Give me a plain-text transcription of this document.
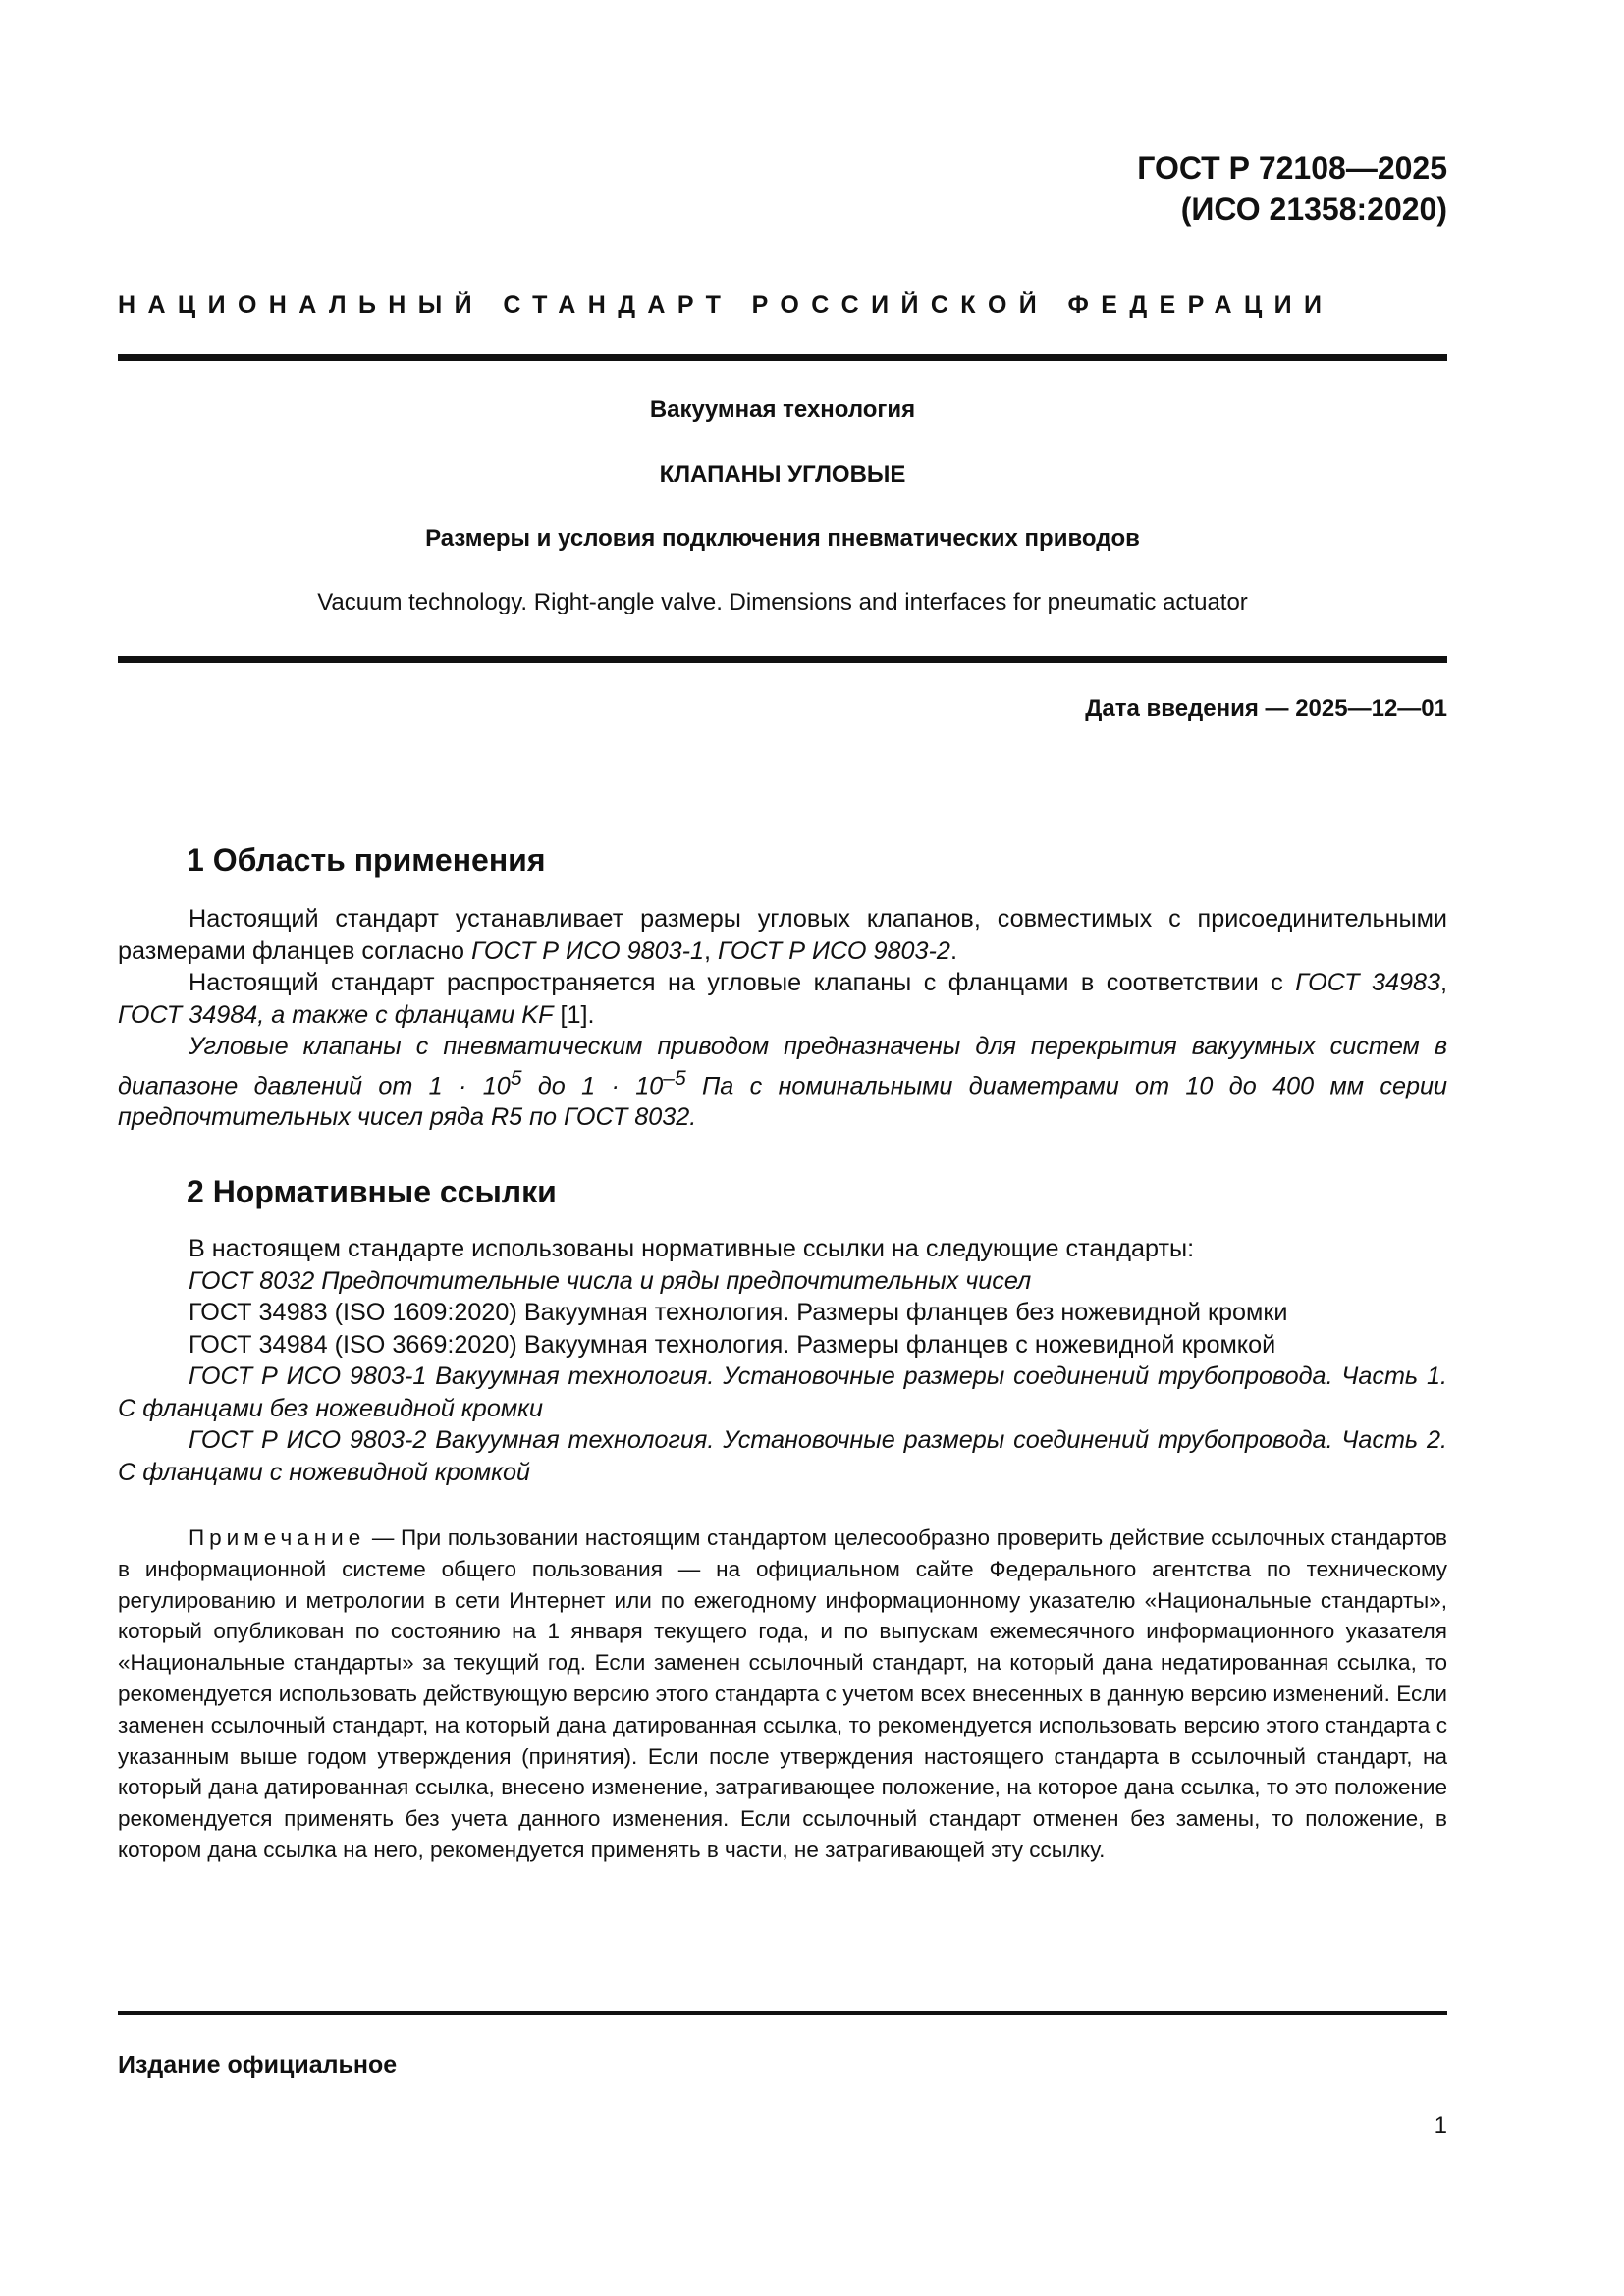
ГОСТ Р 72108—2025
(ИСО 21358:2020)
НАЦИОНАЛЬНЫЙ СТАНДАРТ РОССИЙСКОЙ ФЕДЕРАЦИИ
Вакуумная технология
КЛАПАНЫ УГЛОВЫЕ
Размеры и условия подключения пневматических приводов
Vacuum technology. Right-angle valve. Dimensions and interfaces for pneumatic actuator
Дата введения — 2025—12—01
1 Область применения

Настоящий стандарт устанавливает размеры угловых клапанов, совместимых с присоединительными размерами фланцев согласно ГОСТ Р ИСО 9803-1, ГОСТ Р ИСО 9803-2.

Настоящий стандарт распространяется на угловые клапаны с фланцами в соответствии с ГОСТ 34983, ГОСТ 34984, а также с фланцами KF [1].

Угловые клапаны с пневматическим приводом предназначены для перекрытия вакуумных систем в диапазоне давлений от $1 \cdot 10^5$ до $1 \cdot 10^{-5}$ Па с номинальными диаметрами от 10 до 400 мм серии предпочтительных чисел ряда R5 по ГОСТ 8032.

2 Нормативные ссылки

В настоящем стандарте использованы нормативные ссылки на следующие стандарты:

ГОСТ 8032 Предпочтительные числа и ряды предпочтительных чисел

ГОСТ 34983 (ISO 1609:2020) Вакуумная технология. Размеры фланцев без ножевидной кромки

ГОСТ 34984 (ISO 3669:2020) Вакуумная технология. Размеры фланцев с ножевидной кромкой

ГОСТ Р ИСО 9803-1 Вакуумная технология. Установочные размеры соединений трубопровода. Часть 1. С фланцами без ножевидной кромки

ГОСТ Р ИСО 9803-2 Вакуумная технология. Установочные размеры соединений трубопровода. Часть 2. С фланцами с ножевидной кромкой

Примечание — При пользовании настоящим стандартом целесообразно проверить действие ссылочных стандартов в информационной системе общего пользования — на официальном сайте Федерального агентства по техническому регулированию и метрологии в сети Интернет или по ежегодному информационному указателю «Национальные стандарты», который опубликован по состоянию на 1 января текущего года, и по выпускам ежемесячного информационного указателя «Национальные стандарты» за текущий год. Если заменен ссылочный стандарт, на который дана недатированная ссылка, то рекомендуется использовать действующую версию этого стандарта с учетом всех внесенных в данную версию изменений. Если заменен ссылочный стандарт, на который дана датированная ссылка, то рекомендуется использовать версию этого стандарта с указанным выше годом утверждения (принятия). Если после утверждения настоящего стандарта в ссылочный стандарт, на который дана датированная ссылка, внесено изменение, затрагивающее положение, на которое дана ссылка, то это положение рекомендуется применять без учета данного изменения. Если ссылочный стандарт отменен без замены, то положение, в котором дана ссылка на него, рекомендуется применять в части, не затрагивающей эту ссылку.
Издание официальное
1
